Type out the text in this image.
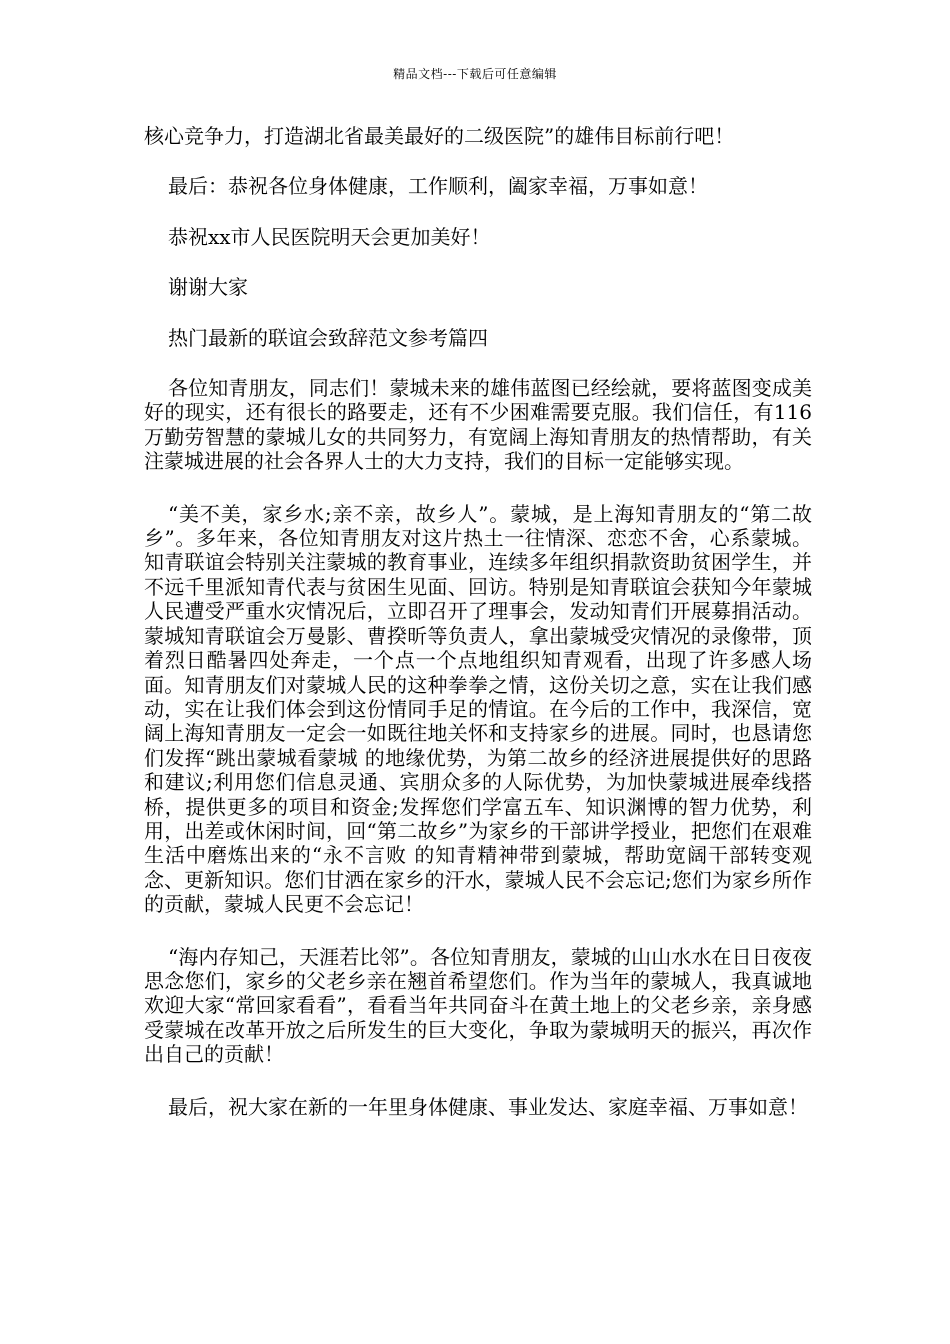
精品文档---下载后可任意编辑

核心竞争力，打造湖北省最美最好的二级医院”的雄伟目标前行吧！

最后：恭祝各位身体健康，工作顺利，阖家幸福，万事如意！

恭祝xx市人民医院明天会更加美好！

谢谢大家

热门最新的联谊会致辞范文参考篇四

各位知青朋友，同志们！蒙城未来的雄伟蓝图已经绘就，要将蓝图变成美好的现实，还有很长的路要走，还有不少困难需要克服。我们信任，有116万勤劳智慧的蒙城儿女的共同努力，有宽阔上海知青朋友的热情帮助，有关注蒙城进展的社会各界人士的大力支持，我们的目标一定能够实现。

“美不美，家乡水;亲不亲，故乡人”。蒙城，是上海知青朋友的“第二故乡”。多年来，各位知青朋友对这片热土一往情深、恋恋不舍，心系蒙城。知青联谊会特别关注蒙城的教育事业，连续多年组织捐款资助贫困学生，并不远千里派知青代表与贫困生见面、回访。特别是知青联谊会获知今年蒙城人民遭受严重水灾情况后，立即召开了理事会，发动知青们开展募捐活动。蒙城知青联谊会万曼影、曹揆昕等负责人，拿出蒙城受灾情况的录像带，顶着烈日酷暑四处奔走，一个点一个点地组织知青观看，出现了许多感人场面。知青朋友们对蒙城人民的这种拳拳之情，这份关切之意，实在让我们感动，实在让我们体会到这份情同手足的情谊。在今后的工作中，我深信，宽阔上海知青朋友一定会一如既往地关怀和支持家乡的进展。同时，也恳请您们发挥“跳出蒙城看蒙城 的地缘优势，为第二故乡的经济进展提供好的思路和建议;利用您们信息灵通、宾朋众多的人际优势，为加快蒙城进展牵线搭桥，提供更多的项目和资金;发挥您们学富五车、知识渊博的智力优势，利用，出差或休闲时间，回“第二故乡”为家乡的干部讲学授业，把您们在艰难生活中磨炼出来的“永不言败 的知青精神带到蒙城，帮助宽阔干部转变观念、更新知识。您们甘洒在家乡的汗水，蒙城人民不会忘记;您们为家乡所作的贡献，蒙城人民更不会忘记！

“海内存知己，天涯若比邻”。各位知青朋友，蒙城的山山水水在日日夜夜思念您们，家乡的父老乡亲在翘首希望您们。作为当年的蒙城人，我真诚地欢迎大家“常回家看看”，看看当年共同奋斗在黄土地上的父老乡亲，亲身感受蒙城在改革开放之后所发生的巨大变化，争取为蒙城明天的振兴，再次作出自己的贡献！

最后，祝大家在新的一年里身体健康、事业发达、家庭幸福、万事如意！
